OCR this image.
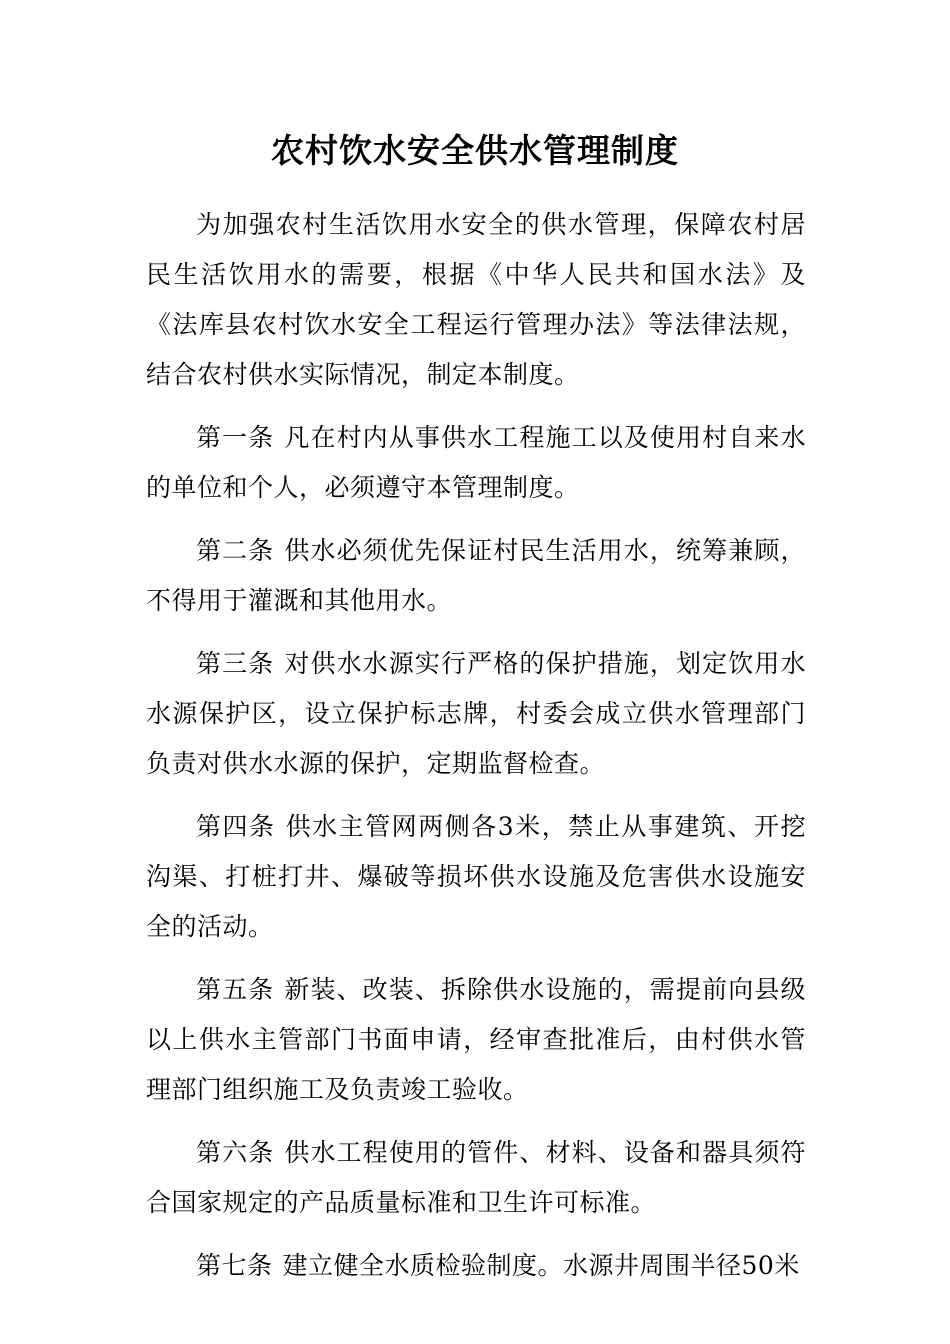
农村饮水安全供水管理制度

为加强农村生活饮用水安全的供水管理，保障农村居民生活饮用水的需要，根据《中华人民共和国水法》及《法库县农村饮水安全工程运行管理办法》等法律法规，结合农村供水实际情况，制定本制度。

第一条 凡在村内从事供水工程施工以及使用村自来水的单位和个人，必须遵守本管理制度。

第二条 供水必须优先保证村民生活用水，统筹兼顾，不得用于灌溉和其他用水。

第三条 对供水水源实行严格的保护措施，划定饮用水水源保护区，设立保护标志牌，村委会成立供水管理部门负责对供水水源的保护，定期监督检查。

第四条 供水主管网两侧各3米，禁止从事建筑、开挖沟渠、打桩打井、爆破等损坏供水设施及危害供水设施安全的活动。

第五条 新装、改装、拆除供水设施的，需提前向县级以上供水主管部门书面申请，经审查批准后，由村供水管理部门组织施工及负责竣工验收。

第六条 供水工程使用的管件、材料、设备和器具须符合国家规定的产品质量标准和卫生许可标准。

第七条 建立健全水质检验制度。水源井周围半径50米
